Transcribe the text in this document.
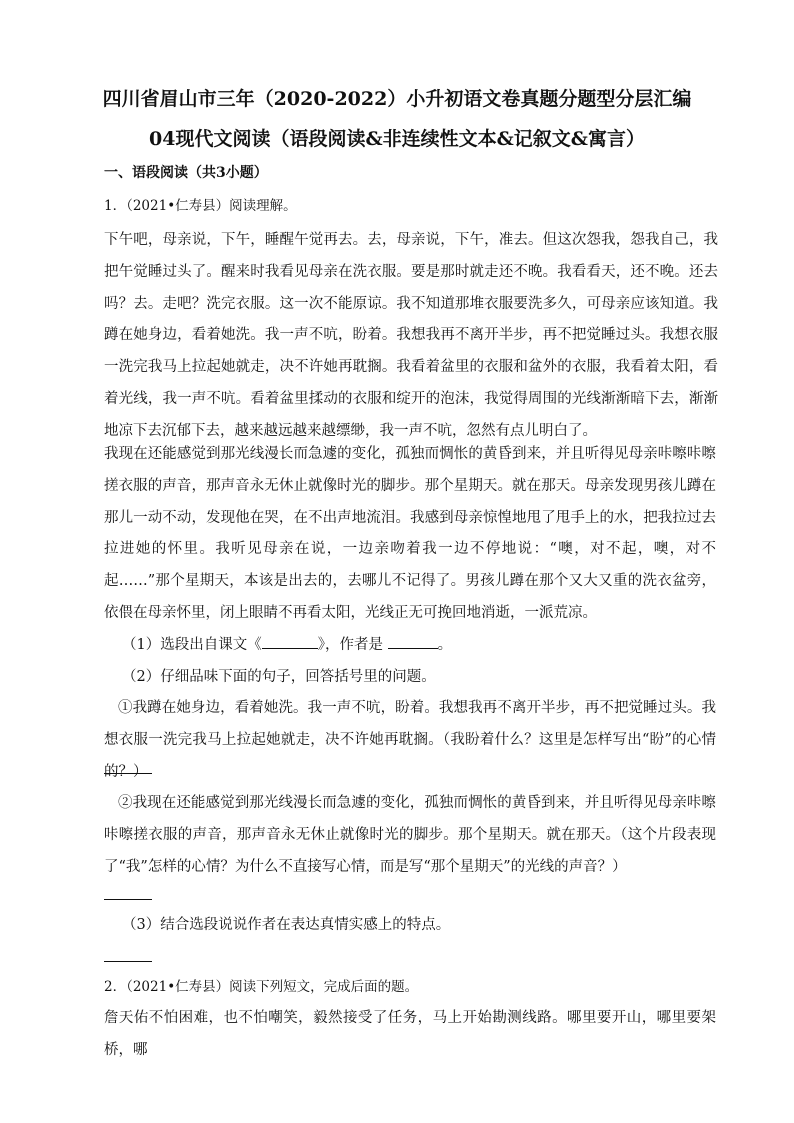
四川省眉山市三年（2020-2022）小升初语文卷真题分题型分层汇编
04现代文阅读（语段阅读&非连续性文本&记叙文&寓言）
一、语段阅读（共3小题）
1．（2021•仁寿县）阅读理解。
下午吧，母亲说，下午，睡醒午觉再去。去，母亲说，下午，准去。但这次怨我，怨我自己，我把午觉睡过头了。醒来时我看见母亲在洗衣服。要是那时就走还不晚。我看看天，还不晚。还去吗？去。走吧？洗完衣服。这一次不能原谅。我不知道那堆衣服要洗多久，可母亲应该知道。我蹲在她身边，看着她洗。我一声不吭，盼着。我想我再不离开半步，再不把觉睡过头。我想衣服一洗完我马上拉起她就走，决不许她再耽搁。我看着盆里的衣服和盆外的衣服，我看着太阳，看着光线，我一声不吭。看着盆里揉动的衣服和绽开的泡沫，我觉得周围的光线渐渐暗下去，渐渐地凉下去沉郁下去，越来越远越来越缥缈，我一声不吭，忽然有点儿明白了。
我现在还能感觉到那光线漫长而急遽的变化，孤独而惆怅的黄昏到来，并且听得见母亲咔嚓咔嚓搓衣服的声音，那声音永无休止就像时光的脚步。那个星期天。就在那天。母亲发现男孩儿蹲在那儿一动不动，发现他在哭，在不出声地流泪。我感到母亲惊惶地甩了甩手上的水，把我拉过去拉进她的怀里。我听见母亲在说，一边亲吻着我一边不停地说：“噢，对不起，噢，对不起……”那个星期天，本该是出去的，去哪儿不记得了。男孩儿蹲在那个又大又重的洗衣盆旁，依偎在母亲怀里，闭上眼睛不再看太阳，光线正无可挽回地消逝，一派荒凉。
（1）选段出自课文《	》，作者是	。
（2）仔细品味下面的句子，回答括号里的问题。
①我蹲在她身边，看着她洗。我一声不吭，盼着。我想我再不离开半步，再不把觉睡过头。我想衣服一洗完我马上拉起她就走，决不许她再耽搁。（我盼着什么？这里是怎样写出“盼”的心情的？）
②我现在还能感觉到那光线漫长而急遽的变化，孤独而惆怅的黄昏到来，并且听得见母亲咔嚓咔嚓搓衣服的声音，那声音永无休止就像时光的脚步。那个星期天。就在那天。（这个片段表现了“我”怎样的心情？为什么不直接写心情，而是写“那个星期天”的光线的声音？）
（3）结合选段说说作者在表达真情实感上的特点。
2．（2021•仁寿县）阅读下列短文，完成后面的题。
詹天佑不怕困难，也不怕嘲笑，毅然接受了任务，马上开始勘测线路。哪里要开山，哪里要架桥，哪
